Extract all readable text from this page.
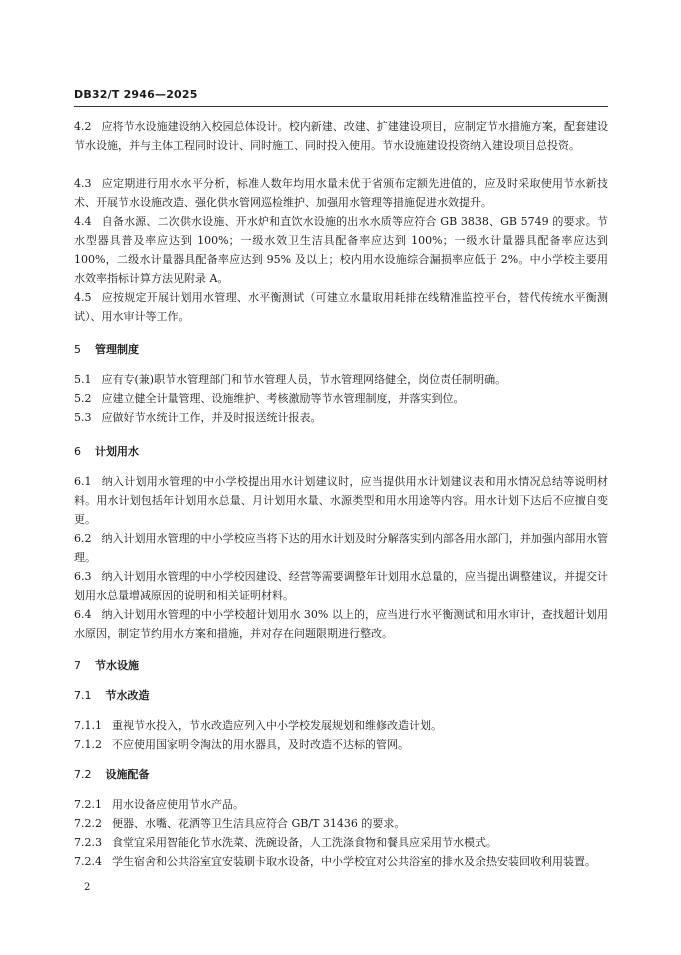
DB32/T 2946—2025
4.2 应将节水设施建设纳入校园总体设计。校内新建、改建、扩建建设项目，应制定节水措施方案，配套建设节水设施，并与主体工程同时设计、同时施工、同时投入使用。节水设施建设投资纳入建设项目总投资。
4.3 应定期进行用水水平分析，标准人数年均用水量未优于省颁布定额先进值的，应及时采取使用节水新技术、开展节水设施改造、强化供水管网巡检维护、加强用水管理等措施促进水效提升。
4.4 自备水源、二次供水设施、开水炉和直饮水设施的出水水质等应符合 GB 3838、GB 5749 的要求。节水型器具普及率应达到 100%；一级水效卫生洁具配备率应达到 100%；一级水计量器具配备率应达到 100%，二级水计量器具配备率应达到 95% 及以上；校内用水设施综合漏损率应低于 2%。中小学校主要用水效率指标计算方法见附录 A。
4.5 应按规定开展计划用水管理、水平衡测试（可建立水量取用耗排在线精准监控平台，替代传统水平衡测试）、用水审计等工作。
5 管理制度
5.1 应有专(兼)职节水管理部门和节水管理人员，节水管理网络健全，岗位责任制明确。
5.2 应建立健全计量管理、设施维护、考核激励等节水管理制度，并落实到位。
5.3 应做好节水统计工作，并及时报送统计报表。
6 计划用水
6.1 纳入计划用水管理的中小学校提出用水计划建议时，应当提供用水计划建议表和用水情况总结等说明材料。用水计划包括年计划用水总量、月计划用水量、水源类型和用水用途等内容。用水计划下达后不应擅自变更。
6.2 纳入计划用水管理的中小学校应当将下达的用水计划及时分解落实到内部各用水部门，并加强内部用水管理。
6.3 纳入计划用水管理的中小学校因建设、经营等需要调整年计划用水总量的，应当提出调整建议，并提交计划用水总量增减原因的说明和相关证明材料。
6.4 纳入计划用水管理的中小学校超计划用水 30% 以上的，应当进行水平衡测试和用水审计，查找超计划用水原因，制定节约用水方案和措施，并对存在问题限期进行整改。
7 节水设施
7.1 节水改造
7.1.1 重视节水投入，节水改造应列入中小学校发展规划和维修改造计划。
7.1.2 不应使用国家明令淘汰的用水器具，及时改造不达标的管网。
7.2 设施配备
7.2.1 用水设备应使用节水产品。
7.2.2 便器、水嘴、花洒等卫生洁具应符合 GB/T 31436 的要求。
7.2.3 食堂宜采用智能化节水洗菜、洗碗设备，人工洗涤食物和餐具应采用节水模式。
7.2.4 学生宿舍和公共浴室宜安装刷卡取水设备，中小学校宜对公共浴室的排水及余热安装回收利用装置。
2
